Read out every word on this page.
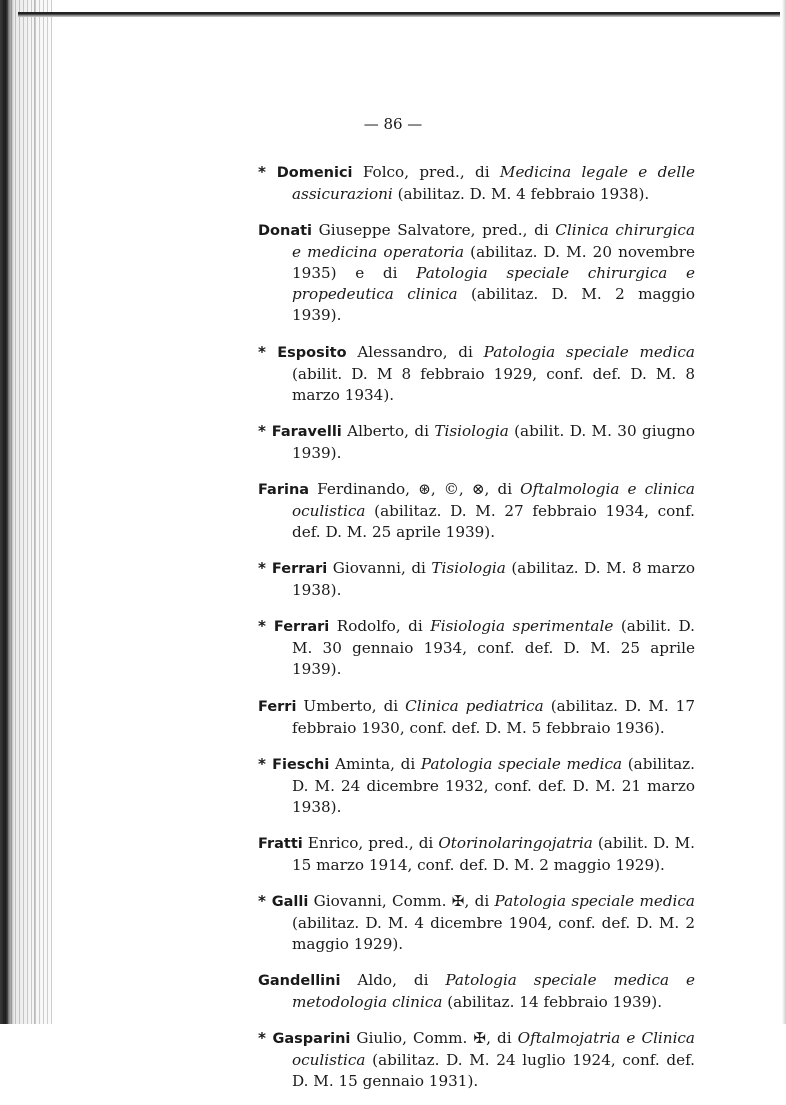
— 86 —

* Domenici Folco, pred., di Medicina legale e delle assicurazioni (abilitaz. D. M. 4 febbraio 1938).

Donati Giuseppe Salvatore, pred., di Clinica chirurgica e medicina operatoria (abilitaz. D. M. 20 novembre 1935) e di Patologia speciale chirurgica e propedeutica clinica (abilitaz. D. M. 2 maggio 1939).

* Esposito Alessandro, di Patologia speciale medica (abilit. D. M 8 febbraio 1929, conf. def. D. M. 8 marzo 1934).

* Faravelli Alberto, di Tisiologia (abilit. D. M. 30 giugno 1939).

Farina Ferdinando, ⊛, ©, ⊗, di Oftalmologia e clinica oculistica (abilitaz. D. M. 27 febbraio 1934, conf. def. D. M. 25 aprile 1939).

* Ferrari Giovanni, di Tisiologia (abilitaz. D. M. 8 marzo 1938).

* Ferrari Rodolfo, di Fisiologia sperimentale (abilit. D. M. 30 gennaio 1934, conf. def. D. M. 25 aprile 1939).

Ferri Umberto, di Clinica pediatrica (abilitaz. D. M. 17 febbraio 1930, conf. def. D. M. 5 febbraio 1936).

* Fieschi Aminta, di Patologia speciale medica (abilitaz. D. M. 24 dicembre 1932, conf. def. D. M. 21 marzo 1938).

Fratti Enrico, pred., di Otorinolaringojatria (abilit. D. M. 15 marzo 1914, conf. def. D. M. 2 maggio 1929).

* Galli Giovanni, Comm. ✠, di Patologia speciale medica (abilitaz. D. M. 4 dicembre 1904, conf. def. D. M. 2 maggio 1929).

Gandellini Aldo, di Patologia speciale medica e metodologia clinica (abilitaz. 14 febbraio 1939).

* Gasparini Giulio, Comm. ✠, di Oftalmojatria e Clinica oculistica (abilitaz. D. M. 24 luglio 1924, conf. def. D. M. 15 gennaio 1931).
